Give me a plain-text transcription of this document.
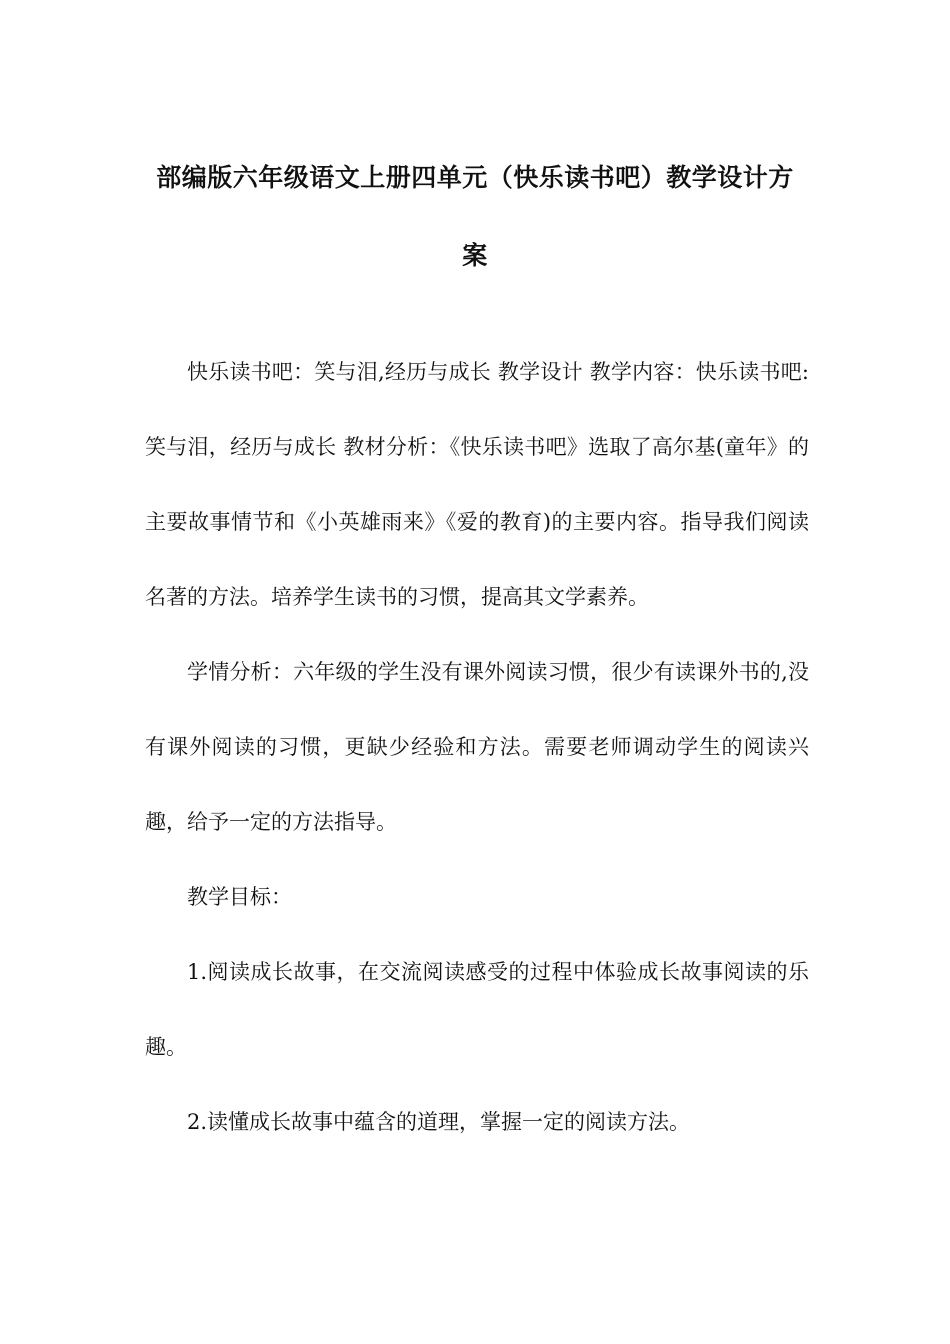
部编版六年级语文上册四单元（快乐读书吧）教学设计方案

快乐读书吧：笑与泪,经历与成长 教学设计 教学内容：快乐读书吧:笑与泪，经历与成长 教材分析：《快乐读书吧》选取了高尔基(童年》的主要故事情节和《小英雄雨来》《爱的教育)的主要内容。指导我们阅读名著的方法。培养学生读书的习惯，提高其文学素养。

学情分析：六年级的学生没有课外阅读习惯，很少有读课外书的,没有课外阅读的习惯，更缺少经验和方法。需要老师调动学生的阅读兴趣，给予一定的方法指导。

教学目标：

1.阅读成长故事，在交流阅读感受的过程中体验成长故事阅读的乐趣。

2.读懂成长故事中蕴含的道理，掌握一定的阅读方法。
